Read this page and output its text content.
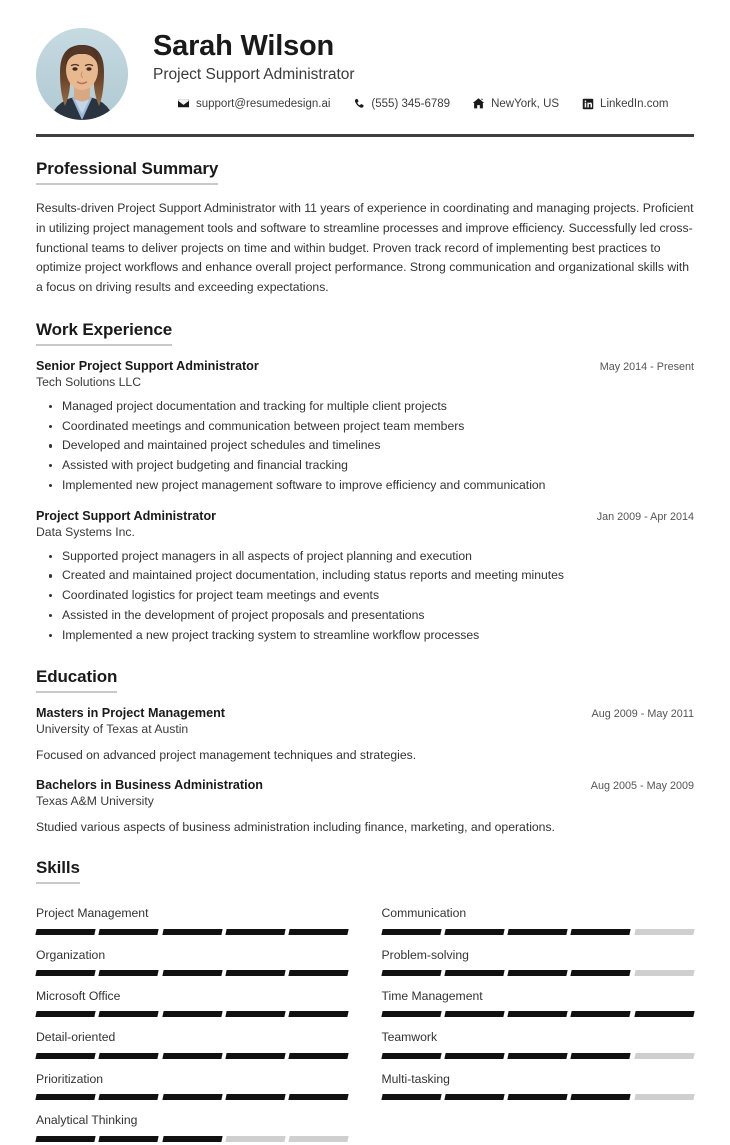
Sarah Wilson
Project Support Administrator
support@resumedesign.ai	(555) 345-6789	NewYork, US	LinkedIn.com
Professional Summary
Results-driven Project Support Administrator with 11 years of experience in coordinating and managing projects. Proficient in utilizing project management tools and software to streamline processes and improve efficiency. Successfully led cross-functional teams to deliver projects on time and within budget. Proven track record of implementing best practices to optimize project workflows and enhance overall project performance. Strong communication and organizational skills with a focus on driving results and exceeding expectations.
Work Experience
Senior Project Support Administrator	May 2014 - Present
Tech Solutions LLC
Managed project documentation and tracking for multiple client projects
Coordinated meetings and communication between project team members
Developed and maintained project schedules and timelines
Assisted with project budgeting and financial tracking
Implemented new project management software to improve efficiency and communication
Project Support Administrator	Jan 2009 - Apr 2014
Data Systems Inc.
Supported project managers in all aspects of project planning and execution
Created and maintained project documentation, including status reports and meeting minutes
Coordinated logistics for project team meetings and events
Assisted in the development of project proposals and presentations
Implemented a new project tracking system to streamline workflow processes
Education
Masters in Project Management	Aug 2009 - May 2011
University of Texas at Austin
Focused on advanced project management techniques and strategies.
Bachelors in Business Administration	Aug 2005 - May 2009
Texas A&M University
Studied various aspects of business administration including finance, marketing, and operations.
Skills
Project Management	Communication
Organization	Problem-solving
Microsoft Office	Time Management
Detail-oriented	Teamwork
Prioritization	Multi-tasking
Analytical Thinking
